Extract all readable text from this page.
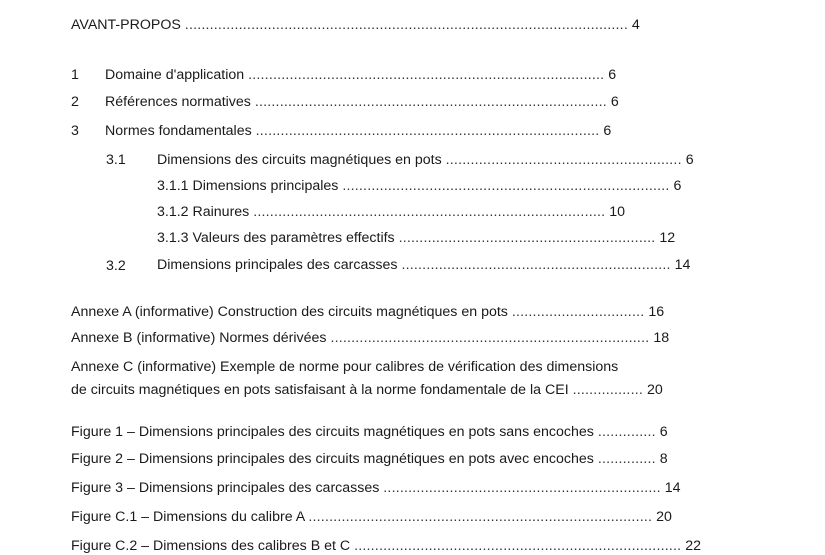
AVANT-PROPOS ........................................................................................................... 4
1 Domaine d'application ...................................................................................... 6
2 Références normatives ..................................................................................... 6
3 Normes fondamentales ................................................................................... 6
3.1 Dimensions des circuits magnétiques en pots ......................................................... 6
3.1.1 Dimensions principales ............................................................................... 6
3.1.2 Rainures ..................................................................................... 10
3.1.3 Valeurs des paramètres effectifs .............................................................. 12
3.2 Dimensions principales des carcasses ................................................................. 14
Annexe A (informative) Construction des circuits magnétiques en pots ................................ 16
Annexe B (informative) Normes dérivées ............................................................................. 18
Annexe C (informative) Exemple de norme pour calibres de vérification des dimensions
de circuits magnétiques en pots satisfaisant à la norme fondamentale de la CEI ................. 20
Figure 1 – Dimensions principales des circuits magnétiques en pots sans encoches .............. 6
Figure 2 – Dimensions principales des circuits magnétiques en pots avec encoches .............. 8
Figure 3 – Dimensions principales des carcasses ................................................................... 14
Figure C.1 – Dimensions du calibre A ................................................................................... 20
Figure C.2 – Dimensions des calibres B et C ............................................................................... 22
